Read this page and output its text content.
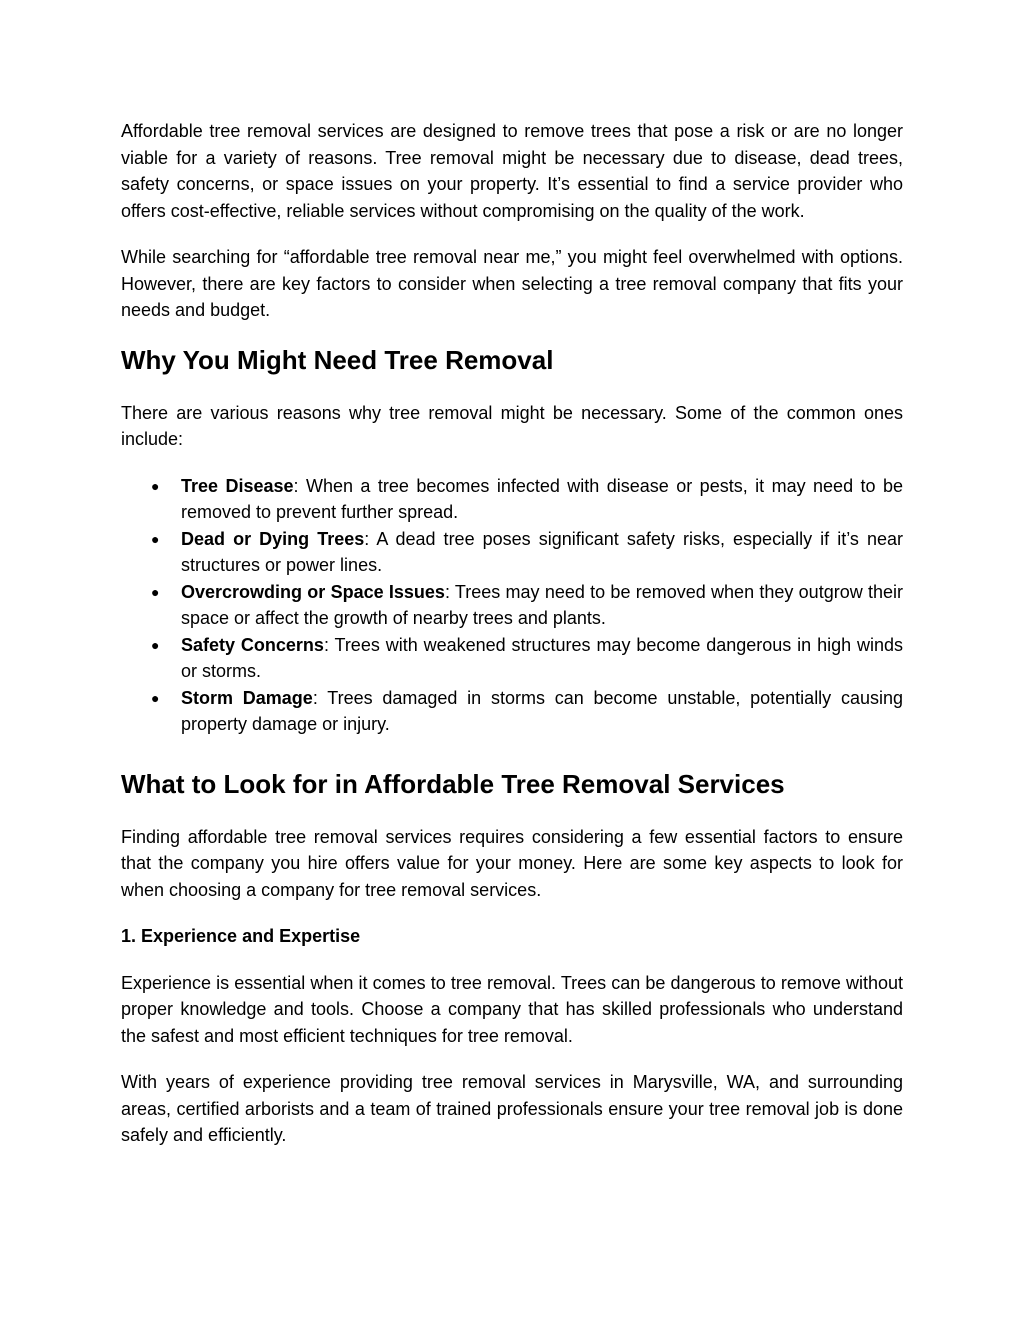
Affordable tree removal services are designed to remove trees that pose a risk or are no longer viable for a variety of reasons. Tree removal might be necessary due to disease, dead trees, safety concerns, or space issues on your property. It’s essential to find a service provider who offers cost-effective, reliable services without compromising on the quality of the work.

While searching for “affordable tree removal near me,” you might feel overwhelmed with options. However, there are key factors to consider when selecting a tree removal company that fits your needs and budget.

Why You Might Need Tree Removal

There are various reasons why tree removal might be necessary. Some of the common ones include:

● Tree Disease: When a tree becomes infected with disease or pests, it may need to be removed to prevent further spread.
● Dead or Dying Trees: A dead tree poses significant safety risks, especially if it’s near structures or power lines.
● Overcrowding or Space Issues: Trees may need to be removed when they outgrow their space or affect the growth of nearby trees and plants.
● Safety Concerns: Trees with weakened structures may become dangerous in high winds or storms.
● Storm Damage: Trees damaged in storms can become unstable, potentially causing property damage or injury.
What to Look for in Affordable Tree Removal Services

Finding affordable tree removal services requires considering a few essential factors to ensure that the company you hire offers value for your money. Here are some key aspects to look for when choosing a company for tree removal services.

1. Experience and Expertise

Experience is essential when it comes to tree removal. Trees can be dangerous to remove without proper knowledge and tools. Choose a company that has skilled professionals who understand the safest and most efficient techniques for tree removal.

With years of experience providing tree removal services in Marysville, WA, and surrounding areas, certified arborists and a team of trained professionals ensure your tree removal job is done safely and efficiently.
